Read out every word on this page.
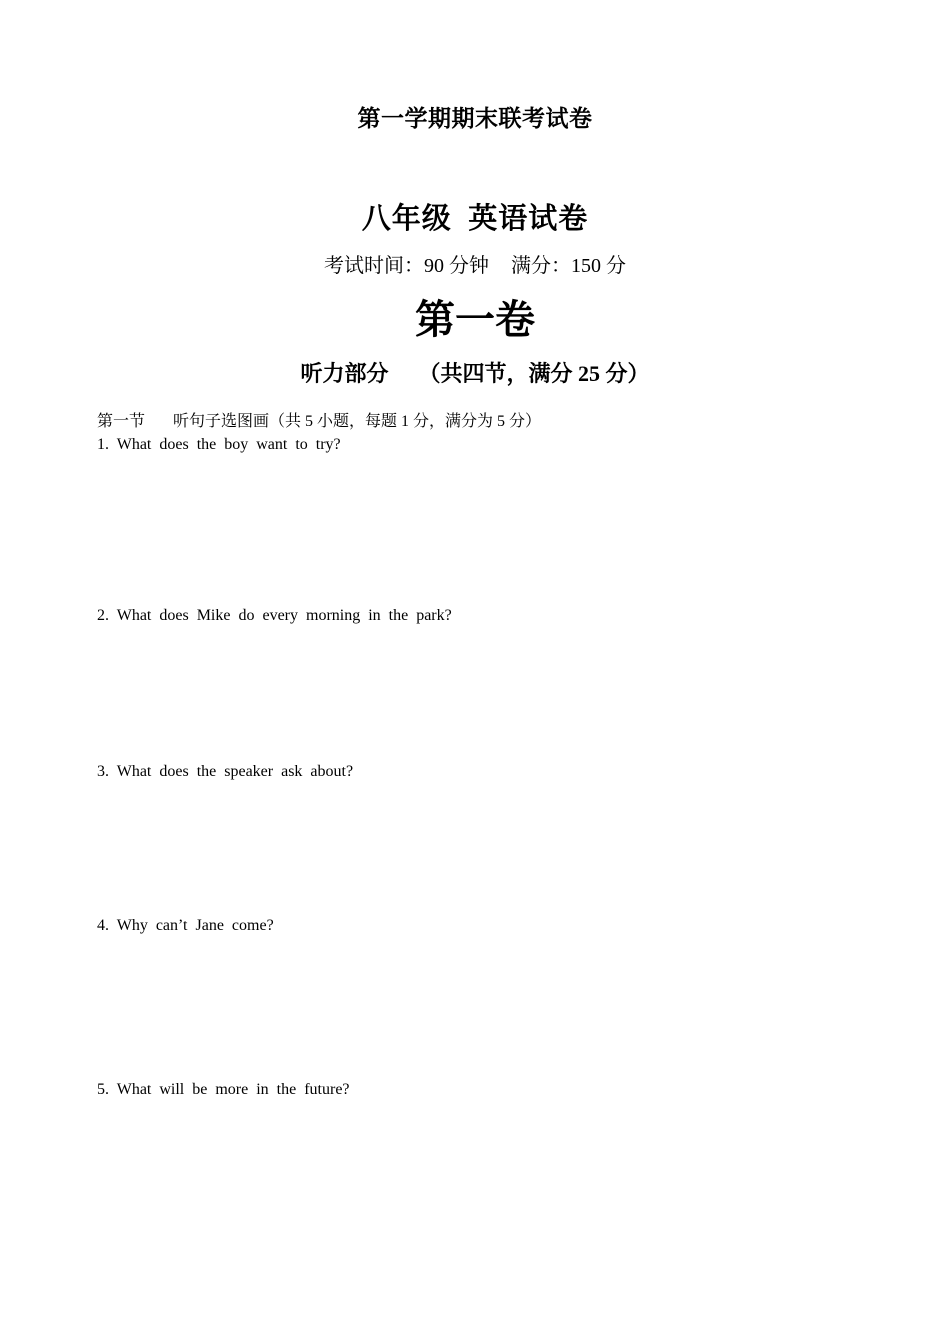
第一学期期末联考试卷
八年级  英语试卷
考试时间：90 分钟 满分：150 分
第一卷
听力部分 （共四节，满分 25 分）
第一节 听句子选图画（共 5 小题，每题 1 分，满分为 5 分）
1. What does the boy want to try?
2. What does Mike do every morning in the park?
3. What does the speaker ask about?
4. Why can’t Jane come?
5. What will be more in the future?
